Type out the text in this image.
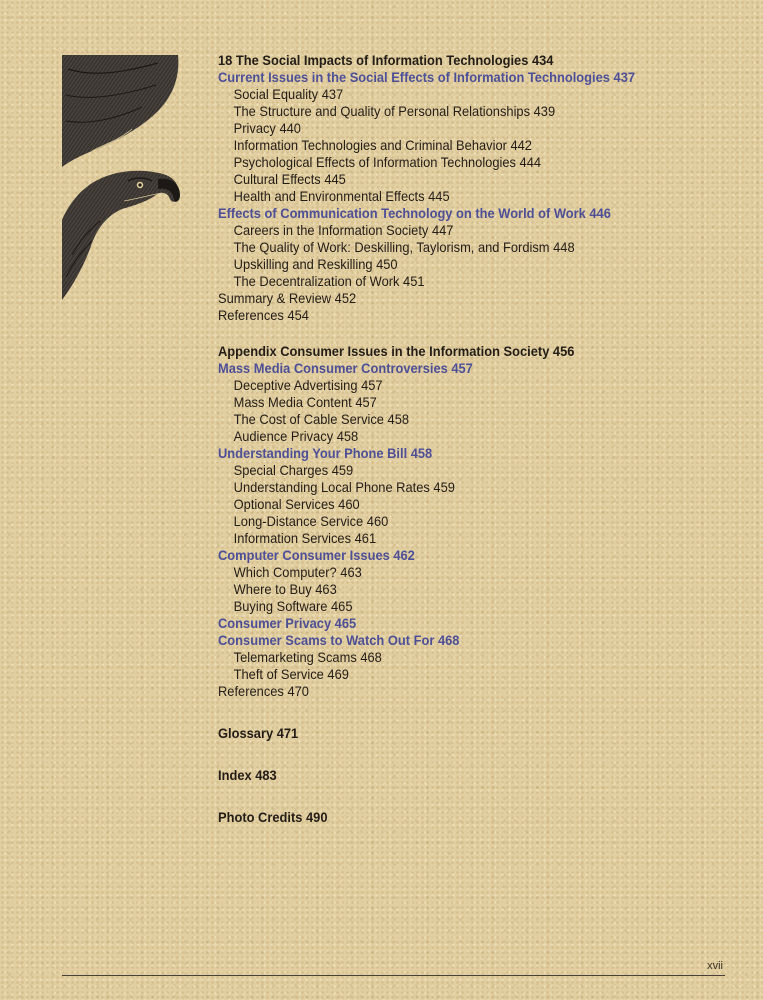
18 The Social Impacts of Information Technologies 434
Current Issues in the Social Effects of Information Technologies 437
Social Equality 437
The Structure and Quality of Personal Relationships 439
Privacy 440
Information Technologies and Criminal Behavior 442
Psychological Effects of Information Technologies 444
Cultural Effects 445
Health and Environmental Effects 445
Effects of Communication Technology on the World of Work 446
Careers in the Information Society 447
The Quality of Work: Deskilling, Taylorism, and Fordism 448
Upskilling and Reskilling 450
The Decentralization of Work 451
Summary & Review 452
References 454
Appendix Consumer Issues in the Information Society 456
Mass Media Consumer Controversies 457
Deceptive Advertising 457
Mass Media Content 457
The Cost of Cable Service 458
Audience Privacy 458
Understanding Your Phone Bill 458
Special Charges 459
Understanding Local Phone Rates 459
Optional Services 460
Long-Distance Service 460
Information Services 461
Computer Consumer Issues 462
Which Computer? 463
Where to Buy 463
Buying Software 465
Consumer Privacy 465
Consumer Scams to Watch Out For 468
Telemarketing Scams 468
Theft of Service 469
References 470
Glossary 471
Index 483
Photo Credits 490
xvii
